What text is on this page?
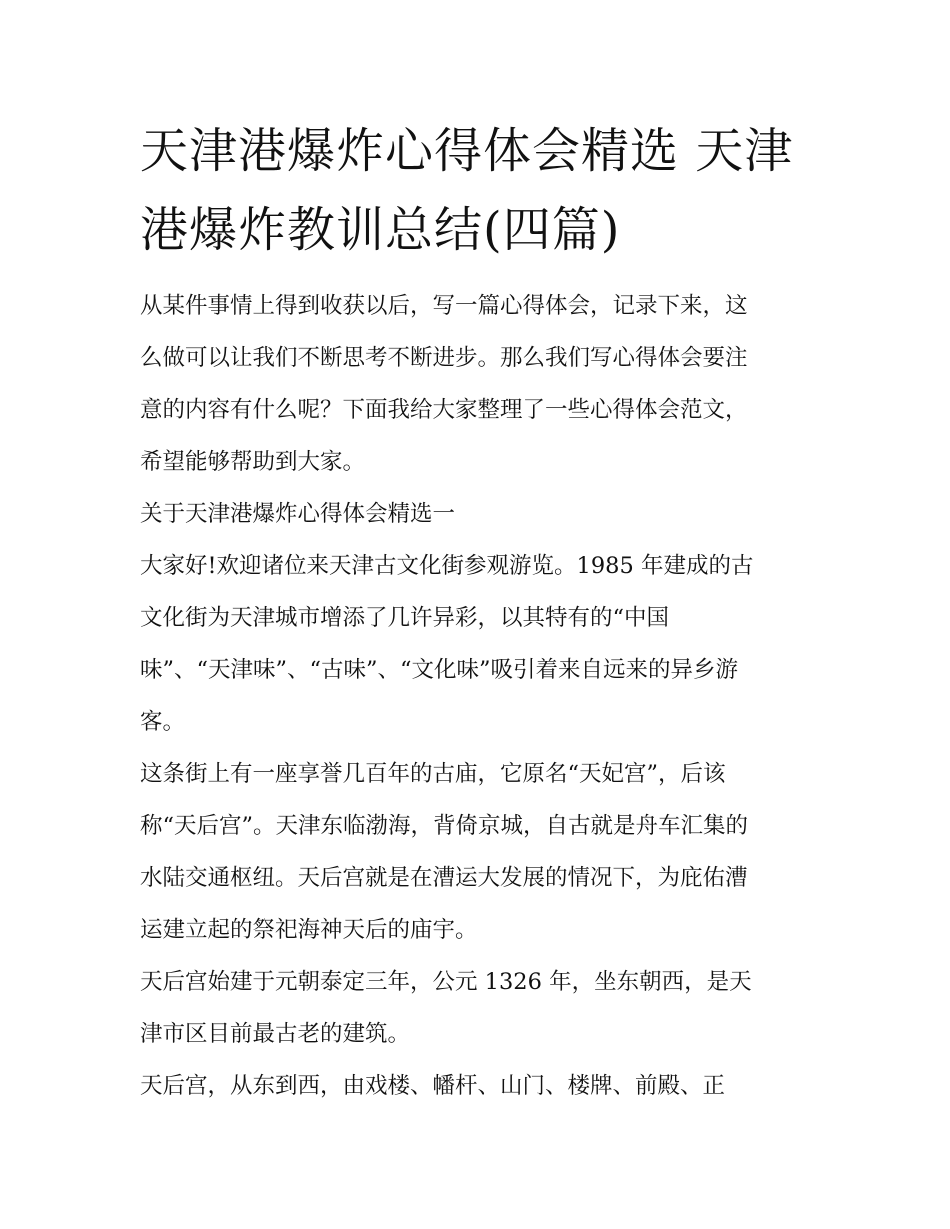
天津港爆炸心得体会精选 天津
港爆炸教训总结(四篇)
从某件事情上得到收获以后，写一篇心得体会，记录下来，这
么做可以让我们不断思考不断进步。那么我们写心得体会要注
意的内容有什么呢？下面我给大家整理了一些心得体会范文，
希望能够帮助到大家。
关于天津港爆炸心得体会精选一
大家好!欢迎诸位来天津古文化街参观游览。1985 年建成的古
文化街为天津城市增添了几许异彩，以其特有的“中国
味”、“天津味”、“古味”、“文化味”吸引着来自远来的异乡游
客。
这条街上有一座享誉几百年的古庙，它原名“天妃宫”，后该
称“天后宫”。天津东临渤海，背倚京城，自古就是舟车汇集的
水陆交通枢纽。天后宫就是在漕运大发展的情况下，为庇佑漕
运建立起的祭祀海神天后的庙宇。
天后宫始建于元朝泰定三年，公元 1326 年，坐东朝西，是天
津市区目前最古老的建筑。
天后宫，从东到西，由戏楼、幡杆、山门、楼牌、前殿、正
